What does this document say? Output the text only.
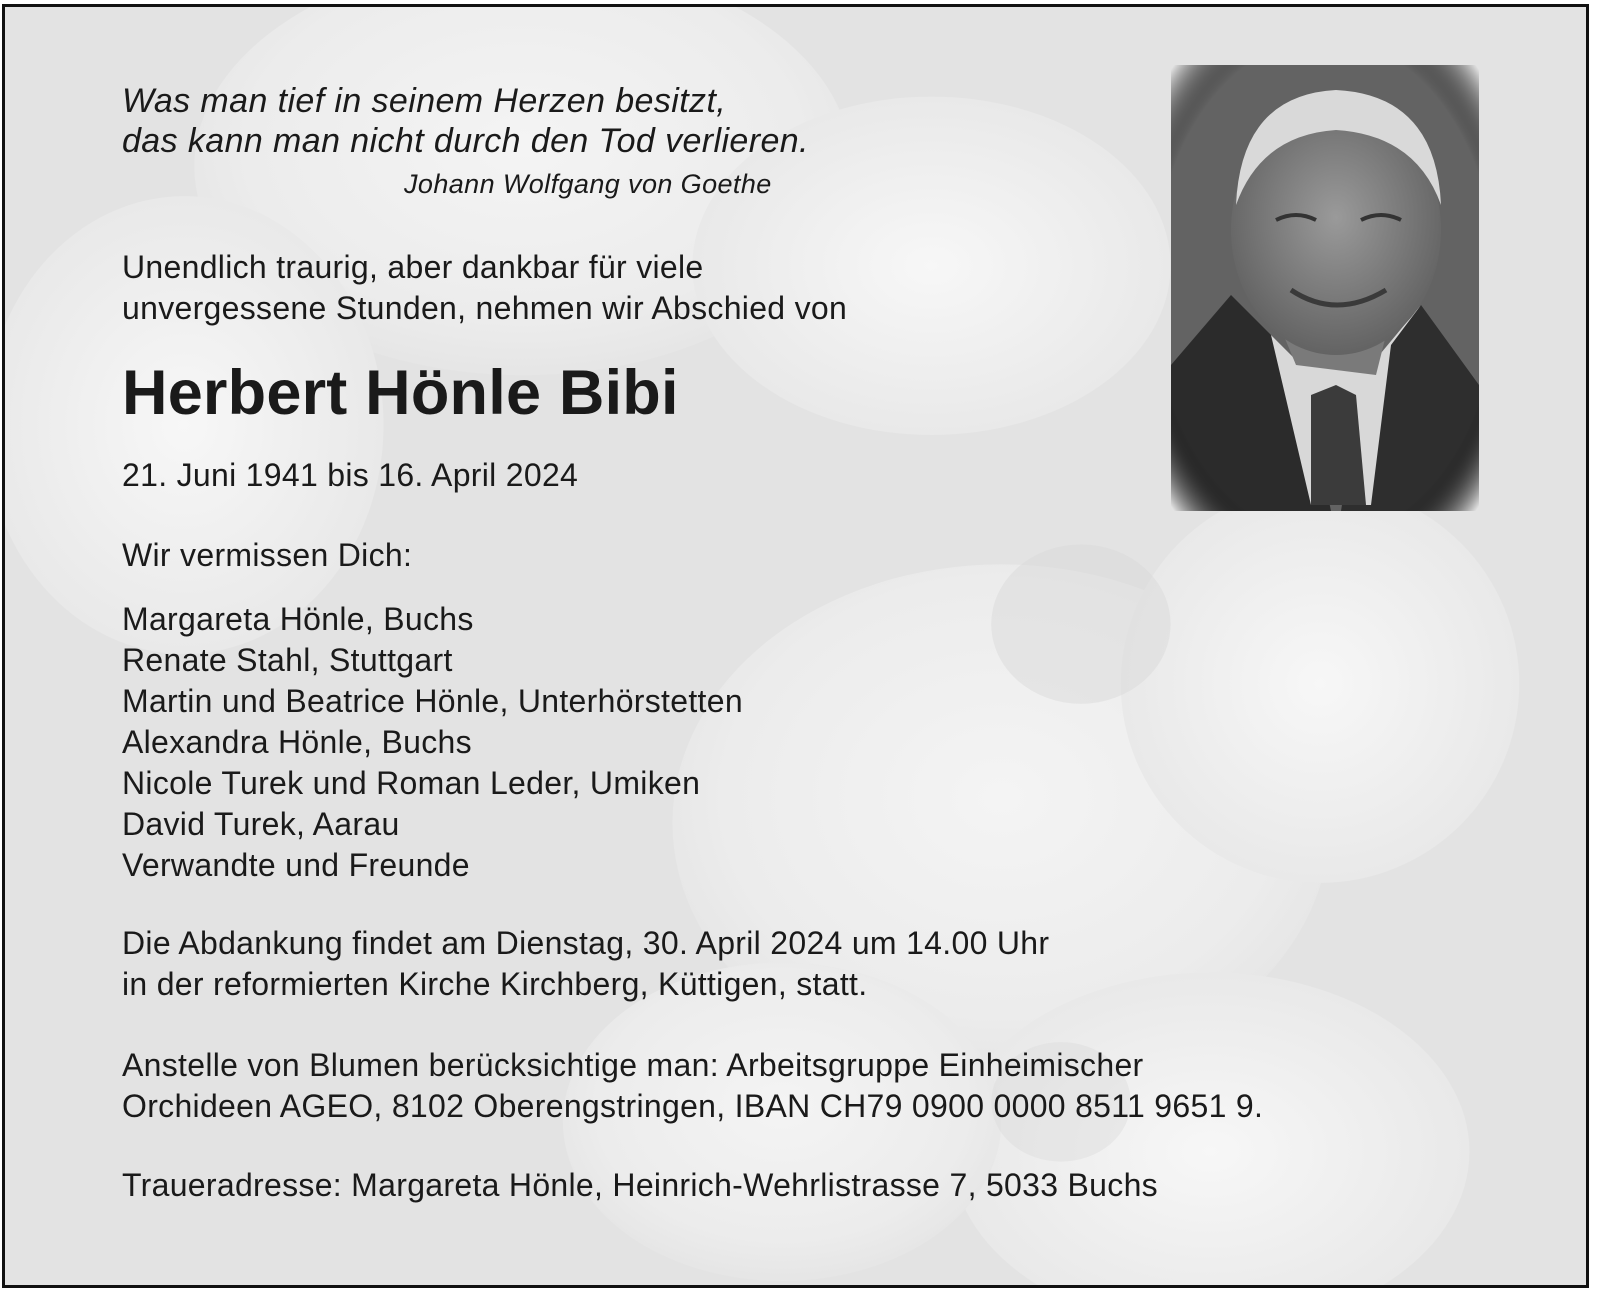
Was man tief in seinem Herzen besitzt,
das kann man nicht durch den Tod verlieren.
Johann Wolfgang von Goethe
Unendlich traurig, aber dankbar für viele
unvergessene Stunden, nehmen wir Abschied von
Herbert Hönle Bibi
21. Juni 1941 bis 16. April 2024
Wir vermissen Dich:
Margareta Hönle, Buchs
Renate Stahl, Stuttgart
Martin und Beatrice Hönle, Unterhörstetten
Alexandra Hönle, Buchs
Nicole Turek und Roman Leder, Umiken
David Turek, Aarau
Verwandte und Freunde
Die Abdankung findet am Dienstag, 30. April 2024 um 14.00 Uhr
in der reformierten Kirche Kirchberg, Küttigen, statt.
Anstelle von Blumen berücksichtige man: Arbeitsgruppe Einheimischer
Orchideen AGEO, 8102 Oberengstringen, IBAN CH79 0900 0000 8511 9651 9.
Traueradresse: Margareta Hönle, Heinrich-Wehrlistrasse 7, 5033 Buchs
